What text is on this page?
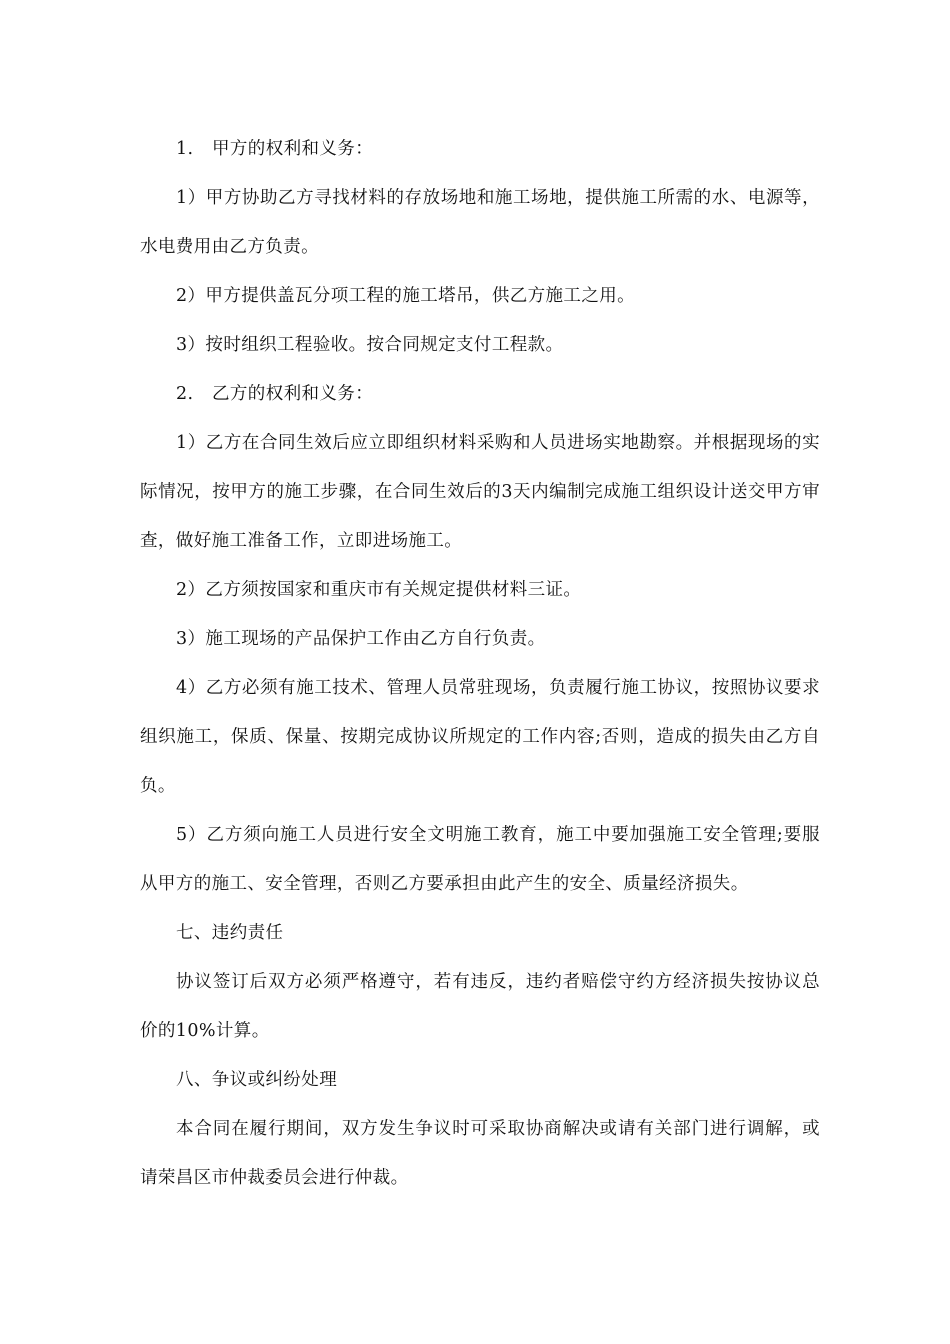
1. 甲方的权利和义务：

1）甲方协助乙方寻找材料的存放场地和施工场地，提供施工所需的水、电源等，水电费用由乙方负责。

2）甲方提供盖瓦分项工程的施工塔吊，供乙方施工之用。

3）按时组织工程验收。按合同规定支付工程款。

2. 乙方的权利和义务：

1）乙方在合同生效后应立即组织材料采购和人员进场实地勘察。并根据现场的实际情况，按甲方的施工步骤，在合同生效后的3天内编制完成施工组织设计送交甲方审查，做好施工准备工作，立即进场施工。

2）乙方须按国家和重庆市有关规定提供材料三证。

3）施工现场的产品保护工作由乙方自行负责。

4）乙方必须有施工技术、管理人员常驻现场，负责履行施工协议，按照协议要求组织施工，保质、保量、按期完成协议所规定的工作内容;否则，造成的损失由乙方自负。

5）乙方须向施工人员进行安全文明施工教育，施工中要加强施工安全管理;要服从甲方的施工、安全管理，否则乙方要承担由此产生的安全、质量经济损失。

七、违约责任

协议签订后双方必须严格遵守，若有违反，违约者赔偿守约方经济损失按协议总价的10%计算。

八、争议或纠纷处理

本合同在履行期间，双方发生争议时可采取协商解决或请有关部门进行调解，或请荣昌区市仲裁委员会进行仲裁。
